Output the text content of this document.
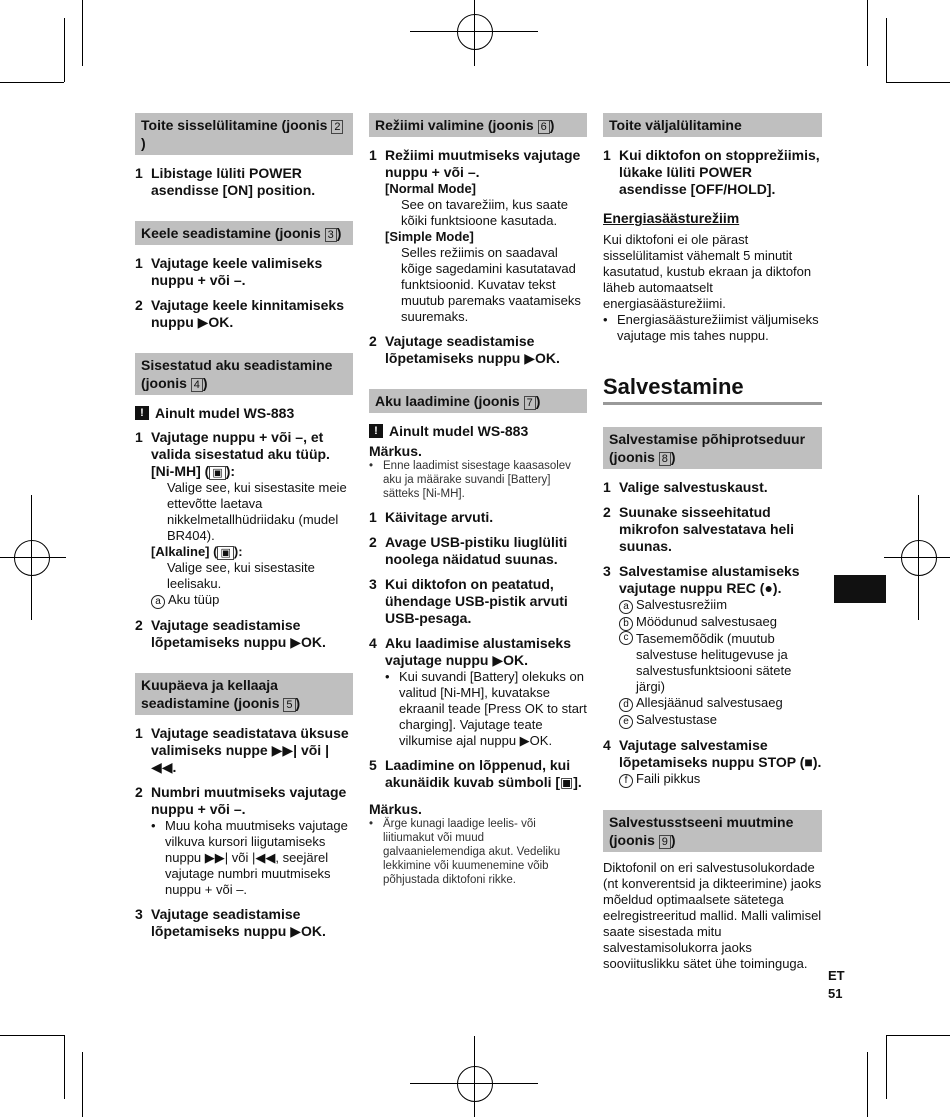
Toite sisselülitamine (joonis 2)
1 Libistage lüliti POWER asendisse [ON] position.
Keele seadistamine (joonis 3 )
1 Vajutage keele valimiseks nuppu + või –.
2 Vajutage keele kinnitamiseks nuppu ▶OK.
Sisestatud aku seadistamine (joonis 4 )
! Ainult mudel WS-883
1 Vajutage nuppu + või –, et valida sisestatud aku tüüp.
[Ni-MH] ( ▣ ):
Valige see, kui sisestasite meie ettevõtte laetava nikkelmetallhüdriidaku (mudel BR404).
[Alkaline] ( ▣ ):
Valige see, kui sisestasite leelisaku.
a Aku tüüp
2 Vajutage seadistamise lõpetamiseks nuppu ▶OK.
Kuupäeva ja kellaaja seadistamine (joonis 5 )
1 Vajutage seadistatava üksuse valimiseks nuppe ▶▶| või |◀◀.
2 Numbri muutmiseks vajutage nuppu + või –.
• Muu koha muutmiseks vajutage vilkuva kursori liigutamiseks nuppu ▶▶| või |◀◀, seejärel vajutage numbri muutmiseks nuppu + või –.
3 Vajutage seadistamise lõpetamiseks nuppu ▶OK.
Režiimi valimine (joonis 6 )
1 Režiimi muutmiseks vajutage nuppu + või –.
[Normal Mode]
See on tavarežiim, kus saate kõiki funktsioone kasutada.
[Simple Mode]
Selles režiimis on saadaval kõige sagedamini kasutatavad funktsioonid. Kuvatav tekst muutub paremaks vaatamiseks suuremaks.
2 Vajutage seadistamise lõpetamiseks nuppu ▶OK.
Aku laadimine (joonis 7 )
! Ainult mudel WS-883
Märkus.
• Enne laadimist sisestage kaasasolev aku ja määrake suvandi [Battery] sätteks [Ni-MH].
1 Käivitage arvuti.
2 Avage USB-pistiku liuglüliti noolega näidatud suunas.
3 Kui diktofon on peatatud, ühendage USB-pistik arvuti USB-pesaga.
4 Aku laadimise alustamiseks vajutage nuppu ▶OK.
• Kui suvandi [Battery] olekuks on valitud [Ni-MH], kuvatakse ekraanil teade [Press OK to start charging]. Vajutage teate vilkumise ajal nuppu ▶OK.
5 Laadimine on lõppenud, kui akunäidik kuvab sümboli [▣].
Märkus.
• Ärge kunagi laadige leelis- või liitiumakut või muud galvaanielemendiga akut. Vedeliku lekkimine või kuumenemine võib põhjustada diktofoni rikke.
Toite väljalülitamine
1 Kui diktofon on stopprežiimis, lükake lüliti POWER asendisse [OFF/HOLD].
Energiasäästurežiim
Kui diktofoni ei ole pärast sisselülitamist vähemalt 5 minutit kasutatud, kustub ekraan ja diktofon läheb automaatselt energiasäästurežiimi.
• Energiasäästurežiimist väljumiseks vajutage mis tahes nuppu.
Salvestamine
Salvestamise põhiprotseduur (joonis 8 )
1 Valige salvestuskaust.
2 Suunake sisseehitatud mikrofon salvestatava heli suunas.
3 Salvestamise alustamiseks vajutage nuppu REC (●).
a Salvestusrežiim
b Möödunud salvestusaeg
c Tasememõõdik (muutub salvestuse helitugevuse ja salvestusfunktsiooni sätete järgi)
d Allesjäänud salvestusaeg
e Salvestustase
4 Vajutage salvestamise lõpetamiseks nuppu STOP (■).
f Faili pikkus
Salvestusstseeni muutmine (joonis 9 )
Diktofonil on eri salvestusolukordade (nt konverentsid ja dikteerimine) jaoks mõeldud optimaalsete sätetega eelregistreeritud mallid. Malli valimisel saate sisestada mitu salvestamisolukorra jaoks sooviituslikku sätet ühe toiminguga.
ET
51
